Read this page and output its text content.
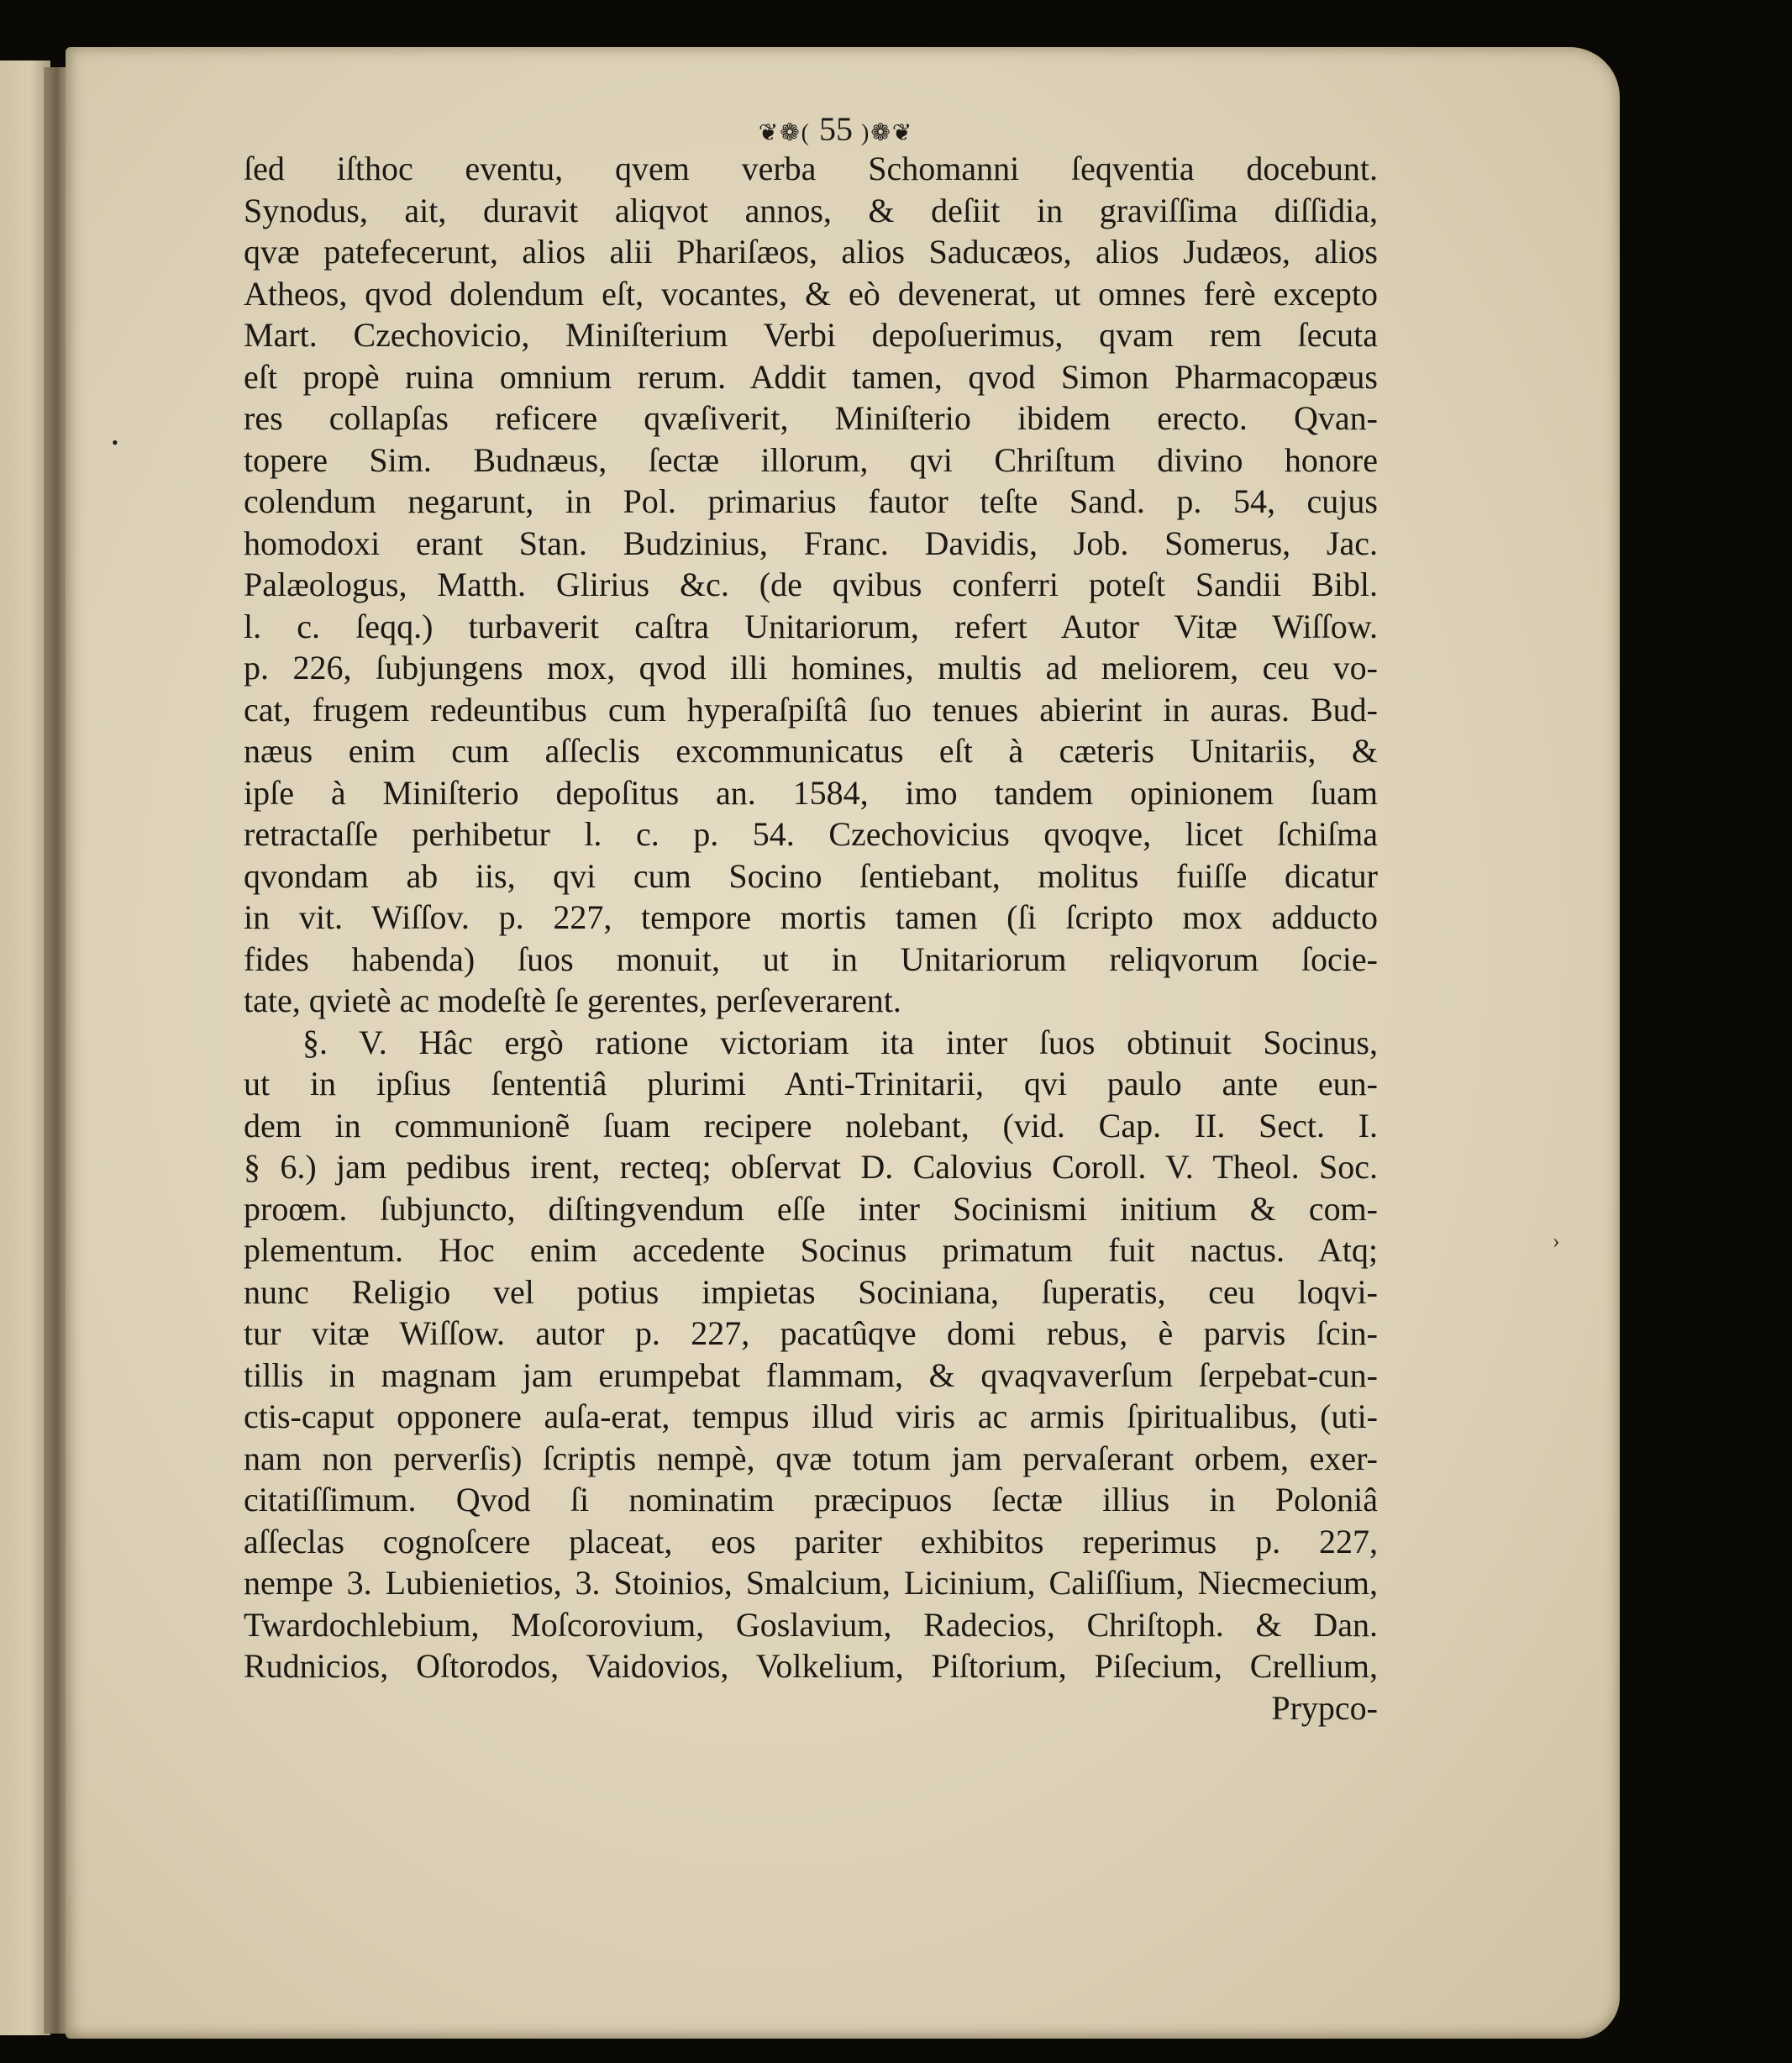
❦❁( 55 )❁❦
•
›
ſed iſthoc eventu, qvem verba Schomanni ſeqventia docebunt.
Synodus, ait, duravit aliqvot annos, & deſiit in graviſſima diſſidia,
qvæ patefecerunt, alios alii Phariſæos, alios Saducæos, alios Judæos, alios
Atheos, qvod dolendum eſt, vocantes, & eò devenerat, ut omnes ferè excepto
Mart. Czechovicio, Miniſterium Verbi depoſuerimus, qvam rem ſecuta
eſt propè ruina omnium rerum. Addit tamen, qvod Simon Pharmacopæus
res collapſas reficere qvæſiverit, Miniſterio ibidem erecto. Qvan-
topere Sim. Budnæus, ſectæ illorum, qvi Chriſtum divino honore
colendum negarunt, in Pol. primarius fautor teſte Sand. p. 54, cujus
homodoxi erant Stan. Budzinius, Franc. Davidis, Job. Somerus, Jac.
Palæologus, Matth. Glirius &c. (de qvibus conferri poteſt Sandii Bibl.
l. c. ſeqq.) turbaverit caſtra Unitariorum, refert Autor Vitæ Wiſſow.
p. 226, ſubjungens mox, qvod illi homines, multis ad meliorem, ceu vo-
cat, frugem redeuntibus cum hyperaſpiſtâ ſuo tenues abierint in auras. Bud-
næus enim cum aſſeclis excommunicatus eſt à cæteris Unitariis, &
ipſe à Miniſterio depoſitus an. 1584, imo tandem opinionem ſuam
retractaſſe perhibetur l. c. p. 54. Czechovicius qvoqve, licet ſchiſma
qvondam ab iis, qvi cum Socino ſentiebant, molitus fuiſſe dicatur
in vit. Wiſſov. p. 227, tempore mortis tamen (ſi ſcripto mox adducto
fides habenda) ſuos monuit, ut in Unitariorum reliqvorum ſocie-
tate, qvietè ac modeſtè ſe gerentes, perſeverarent.
§. V. Hâc ergò ratione victoriam ita inter ſuos obtinuit Socinus,
ut in ipſius ſententiâ plurimi Anti-Trinitarii, qvi paulo ante eun-
dem in communionẽ ſuam recipere nolebant, (vid. Cap. II. Sect. I.
§ 6.) jam pedibus irent, recteq; obſervat D. Calovius Coroll. V. Theol. Soc.
proœm. ſubjuncto, diſtingvendum eſſe inter Socinismi initium & com-
plementum. Hoc enim accedente Socinus primatum fuit nactus. Atq;
nunc Religio vel potius impietas Sociniana, ſuperatis, ceu loqvi-
tur vitæ Wiſſow. autor p. 227, pacatûqve domi rebus, è parvis ſcin-
tillis in magnam jam erumpebat flammam, & qvaqvaverſum ſerpebat-cun-
ctis-caput opponere auſa-erat, tempus illud viris ac armis ſpiritualibus, (uti-
nam non perverſis) ſcriptis nempè, qvæ totum jam pervaſerant orbem, exer-
citatiſſimum. Qvod ſi nominatim præcipuos ſectæ illius in Poloniâ
aſſeclas cognoſcere placeat, eos pariter exhibitos reperimus p. 227,
nempe 3. Lubienietios, 3. Stoinios, Smalcium, Licinium, Caliſſium, Niecmecium,
Twardochlebium, Moſcorovium, Goslavium, Radecios, Chriſtoph. & Dan.
Rudnicios, Oſtorodos, Vaidovios, Volkelium, Piſtorium, Piſecium, Crellium,
Prypco-
